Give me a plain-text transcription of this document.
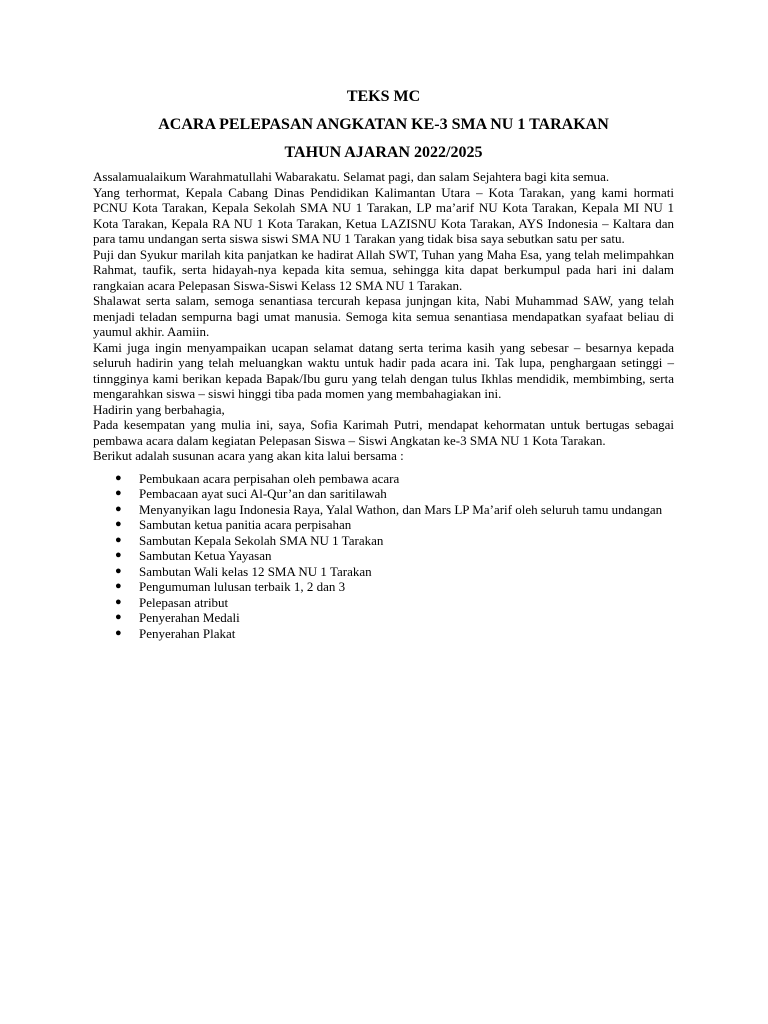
TEKS MC
ACARA PELEPASAN ANGKATAN KE-3 SMA NU 1 TARAKAN
TAHUN AJARAN 2022/2025

Assalamualaikum Warahmatullahi Wabarakatu. Selamat pagi, dan salam Sejahtera bagi kita semua.

Yang terhormat, Kepala Cabang Dinas Pendidikan Kalimantan Utara – Kota Tarakan, yang kami hormati PCNU Kota Tarakan, Kepala Sekolah SMA NU 1 Tarakan, LP ma’arif NU Kota Tarakan, Kepala MI NU 1 Kota Tarakan, Kepala RA NU 1 Kota Tarakan, Ketua LAZISNU Kota Tarakan, AYS Indonesia – Kaltara dan para tamu undangan serta siswa siswi SMA NU 1 Tarakan yang tidak bisa saya sebutkan satu per satu.

Puji dan Syukur marilah kita panjatkan ke hadirat Allah SWT, Tuhan yang Maha Esa, yang telah melimpahkan Rahmat, taufik, serta hidayah-nya kepada kita semua, sehingga kita dapat berkumpul pada hari ini dalam rangkaian acara Pelepasan Siswa-Siswi Kelass 12 SMA NU 1 Tarakan.

Shalawat serta salam, semoga senantiasa tercurah kepasa junjngan kita, Nabi Muhammad SAW, yang telah menjadi teladan sempurna bagi umat manusia. Semoga kita semua senantiasa mendapatkan syafaat beliau di yaumul akhir. Aamiin.

Kami juga ingin menyampaikan ucapan selamat datang serta terima kasih yang sebesar – besarnya kepada seluruh hadirin yang telah meluangkan waktu untuk hadir pada acara ini. Tak lupa, penghargaan setinggi – tinngginya kami berikan kepada Bapak/Ibu guru yang telah dengan tulus Ikhlas mendidik, membimbing, serta mengarahkan siswa – siswi hinggi tiba pada momen yang membahagiakan ini.

Hadirin yang berbahagia,

Pada kesempatan yang mulia ini, saya, Sofia Karimah Putri, mendapat kehormatan untuk bertugas sebagai pembawa acara dalam kegiatan Pelepasan Siswa – Siswi Angkatan ke-3 SMA NU 1 Kota Tarakan.

Berikut adalah susunan acara yang akan kita lalui bersama :

● Pembukaan acara perpisahan oleh pembawa acara
● Pembacaan ayat suci Al-Qur’an dan saritilawah
● Menyanyikan lagu Indonesia Raya, Yalal Wathon, dan Mars LP Ma’arif oleh seluruh tamu undangan
● Sambutan ketua panitia acara perpisahan
● Sambutan Kepala Sekolah SMA NU 1 Tarakan
● Sambutan Ketua Yayasan
● Sambutan Wali kelas 12 SMA NU 1 Tarakan
● Pengumuman lulusan terbaik 1, 2 dan 3
● Pelepasan atribut
● Penyerahan Medali
● Penyerahan Plakat
